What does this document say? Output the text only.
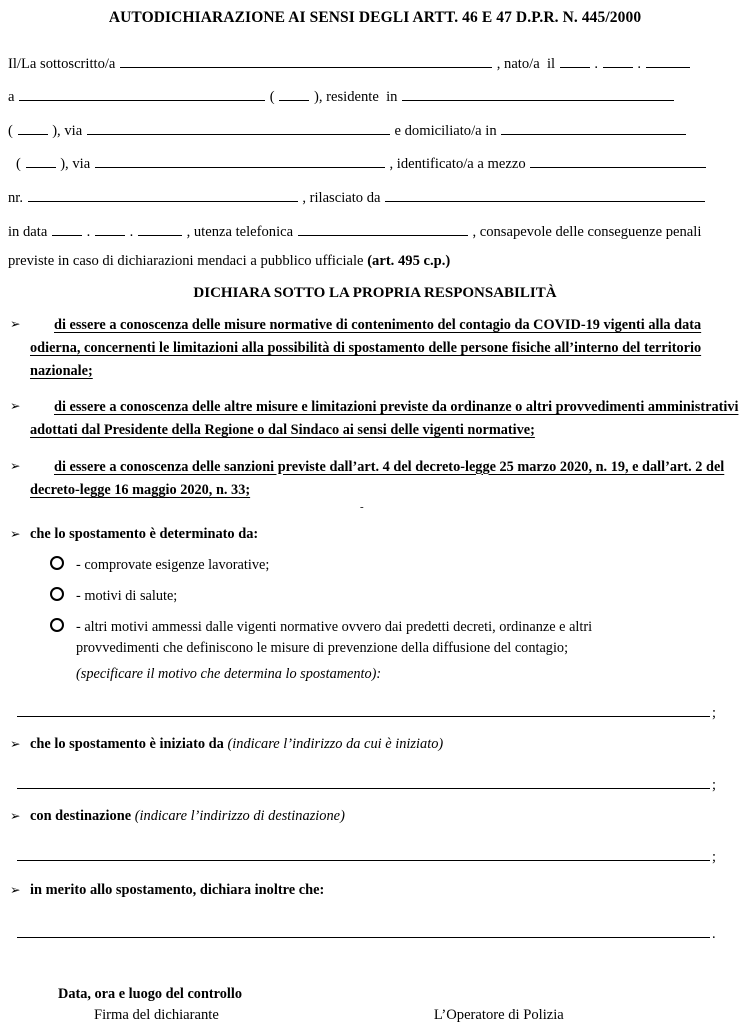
AUTODICHIARAZIONE AI SENSI DEGLI ARTT. 46 E 47 D.P.R. N. 445/2000
Il/La sottoscritto/a	, nato/a  il	.	.
a	(	), residente  in
(	), via	e domiciliato/a in
(	), via	, identificato/a a mezzo
nr.	, rilasciato da
in data	.	.	, utenza telefonica	, consapevole delle conseguenze penali
previste in caso di dichiarazioni mendaci a pubblico ufficiale (art. 495 c.p.)
DICHIARA SOTTO LA PROPRIA RESPONSABILITÀ
➢ di essere a conoscenza delle misure normative di contenimento del contagio da COVID-19 vigenti alla data odierna, concernenti le limitazioni alla possibilità di spostamento delle persone fisiche all’interno del territorio nazionale;
➢ di essere a conoscenza delle altre misure e limitazioni previste da ordinanze o altri provvedimenti amministrativi adottati dal Presidente della Regione o dal Sindaco ai sensi delle vigenti normative;
➢ di essere a conoscenza delle sanzioni previste dall’art. 4 del decreto-legge 25 marzo 2020, n. 19, e dall’art. 2 del decreto-legge 16 maggio 2020, n. 33;
➢ che lo spostamento è determinato da:
- comprovate esigenze lavorative;
- motivi di salute;
- altri motivi ammessi dalle vigenti normative ovvero dai predetti decreti, ordinanze e altri provvedimenti che definiscono le misure di prevenzione della diffusione del contagio;
(specificare il motivo che determina lo spostamento):
;
➢ che lo spostamento è iniziato da (indicare l’indirizzo da cui è iniziato)
;
➢ con destinazione (indicare l’indirizzo di destinazione)
;
➢ in merito allo spostamento, dichiara inoltre che:
.
-
Data, ora e luogo del controllo
Firma del dichiarante	L’Operatore di Polizia
